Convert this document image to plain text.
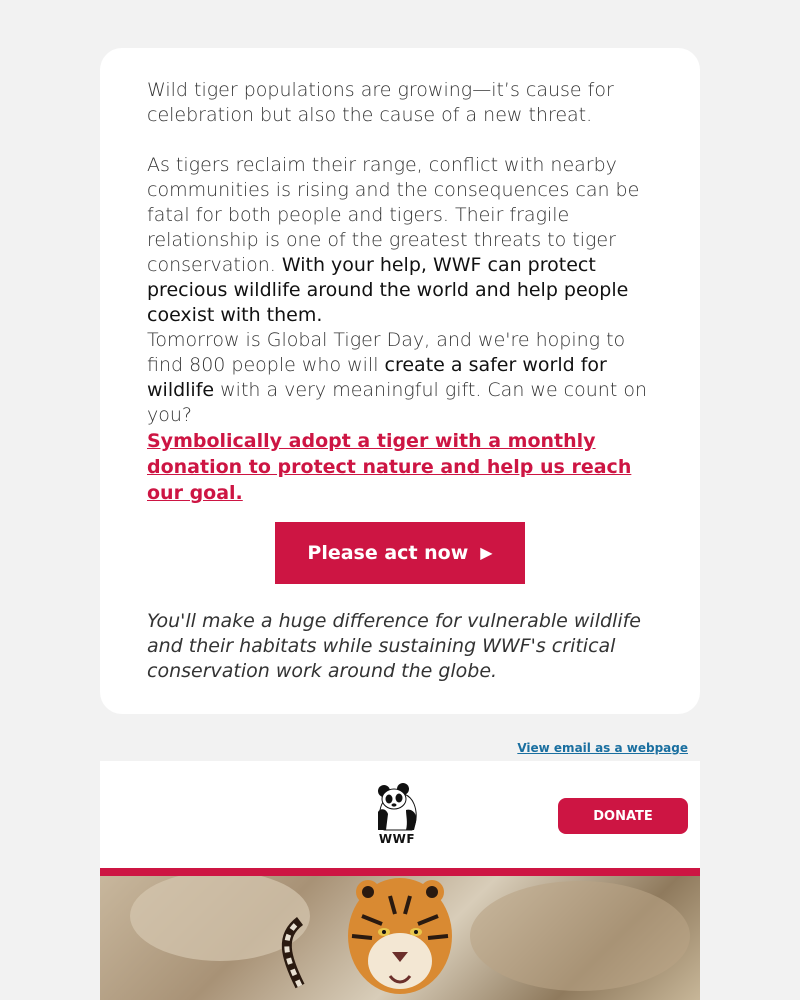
Wild tiger populations are growing—it’s cause for celebration but also the cause of a new threat.

As tigers reclaim their range, conflict with nearby communities is rising and the consequences can be fatal for both people and tigers. Their fragile relationship is one of the greatest threats to tiger conservation. With your help, WWF can protect precious wildlife around the world and help people coexist with them.

Tomorrow is Global Tiger Day, and we're hoping to find 800 people who will create a safer world for wildlife with a very meaningful gift. Can we count on you?

Symbolically adopt a tiger with a monthly donation to protect nature and help us reach our goal.
Please act now ▶

You'll make a huge difference for vulnerable wildlife and their habitats while sustaining WWF's critical conservation work around the globe.

View email as a webpage
WWF
DONATE
